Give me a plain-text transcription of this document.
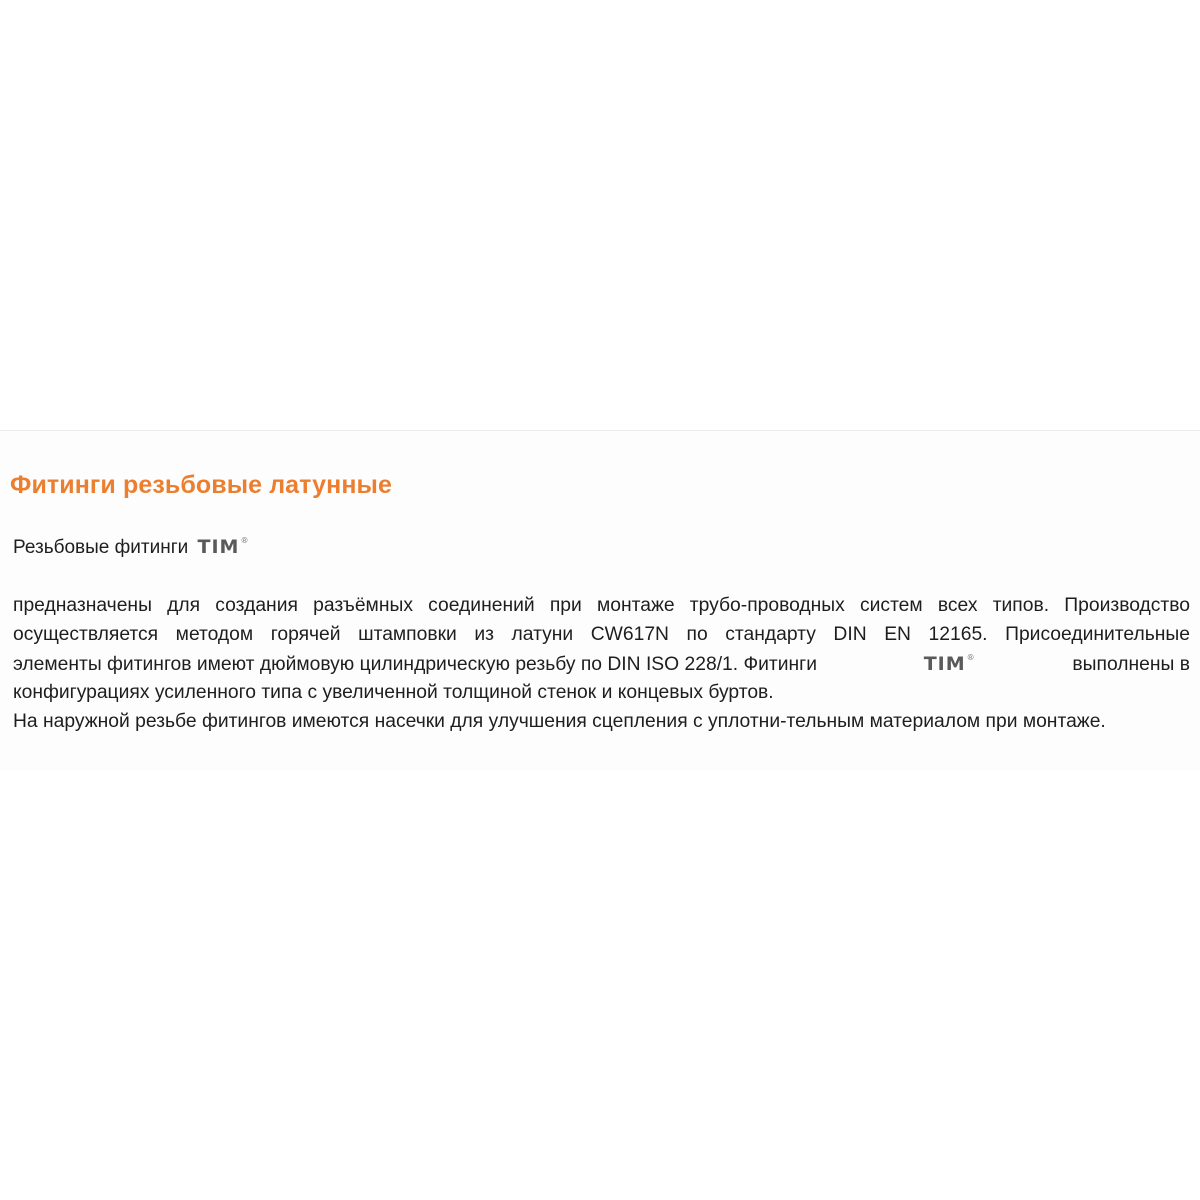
Фитинги резьбовые латунные
Резьбовые фитинги TIM ®
предназначены для создания разъёмных соединений при монтаже трубо-проводных систем всех типов. Производство
осуществляется методом горячей штамповки из латуни CW617N по стандарту DIN EN 12165. Присоединительные
элементы фитингов имеют дюймовую цилиндрическую резьбу по DIN ISO 228/1. Фитинги	TIM ®	выполнены в
конфигурациях усиленного типа с увеличенной толщиной стенок и концевых буртов.
На наружной резьбе фитингов имеются насечки для улучшения сцепления с уплотни-тельным материалом при монтаже.
